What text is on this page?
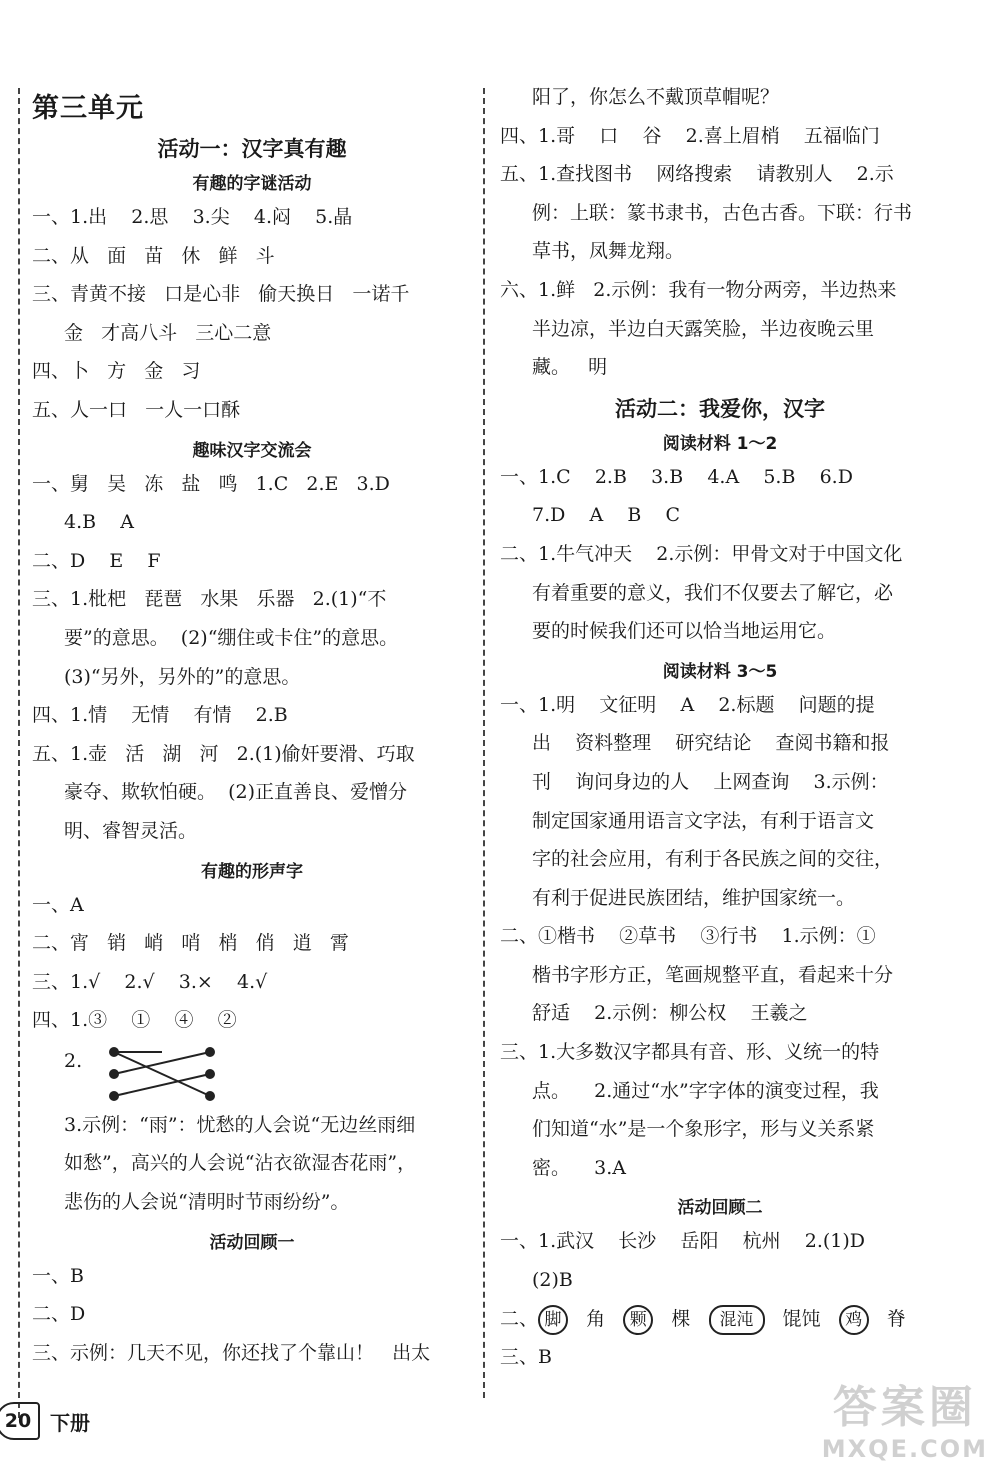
第三单元
活动一：汉字真有趣
有趣的字谜活动
一、1.出    2.思    3.尖    4.闷    5.晶
二、从   面   苗   休   鲜   斗
三、青黄不接   口是心非   偷天换日   一诺千
金   才高八斗   三心二意
四、卜   方   金   习
五、人一口   一人一口酥
趣味汉字交流会
一、舅   吴   冻   盐   鸣   1.C   2.E   3.D
4.B    A
二、D    E    F
三、1.枇杷   琵琶   水果   乐器   2.(1)“不
要”的意思。  (2)“绷住或卡住”的意思。
(3)“另外，另外的”的意思。
四、1.情    无情    有情    2.B
五、1.壶   活   湖   河   2.(1)偷奸要滑、巧取
豪夺、欺软怕硬。  (2)正直善良、爱憎分
明、睿智灵活。
有趣的形声字
一、A
二、宵   销   峭   哨   梢   俏   逍   霄
三、1.√    2.√    3.×    4.√
四、1.③    ①    ④    ②
2.
3.示例：“雨”：忧愁的人会说“无边丝雨细
如愁”，高兴的人会说“沾衣欲湿杏花雨”，
悲伤的人会说“清明时节雨纷纷”。
活动回顾一
一、B
二、D
三、示例：几天不见，你还找了个靠山！   出太
阳了，你怎么不戴顶草帽呢？
四、1.哥    口    谷    2.喜上眉梢    五福临门
五、1.查找图书    网络搜索    请教别人    2.示
例：上联：篆书隶书，古色古香。下联：行书
草书，凤舞龙翔。
六、1.鲜   2.示例：我有一物分两旁，半边热来
半边凉，半边白天露笑脸，半边夜晚云里
藏。   明
活动二：我爱你，汉字
阅读材料 1～2
一、1.C    2.B    3.B    4.A    5.B    6.D
7.D    A    B    C
二、1.牛气冲天    2.示例：甲骨文对于中国文化
有着重要的意义，我们不仅要去了解它，必
要的时候我们还可以恰当地运用它。
阅读材料 3～5
一、1.明    文征明    A    2.标题    问题的提
出    资料整理    研究结论    查阅书籍和报
刊    询问身边的人    上网查询    3.示例：
制定国家通用语言文字法，有利于语言文
字的社会应用，有利于各民族之间的交往，
有利于促进民族团结，维护国家统一。
二、①楷书    ②草书    ③行书    1.示例：①
楷书字形方正，笔画规整平直，看起来十分
舒适    2.示例：柳公权    王羲之
三、1.大多数汉字都具有音、形、义统一的特
点。    2.通过“水”字字体的演变过程，我
们知道“水”是一个象形字，形与义关系紧
密。    3.A
活动回顾二
一、1.武汉    长沙    岳阳    杭州    2.(1)D
(2)B
二、 脚   角   颗   棵   混沌   馄饨   鸡   脊
三、B
20 下册	答案圈
MXQE.COM
